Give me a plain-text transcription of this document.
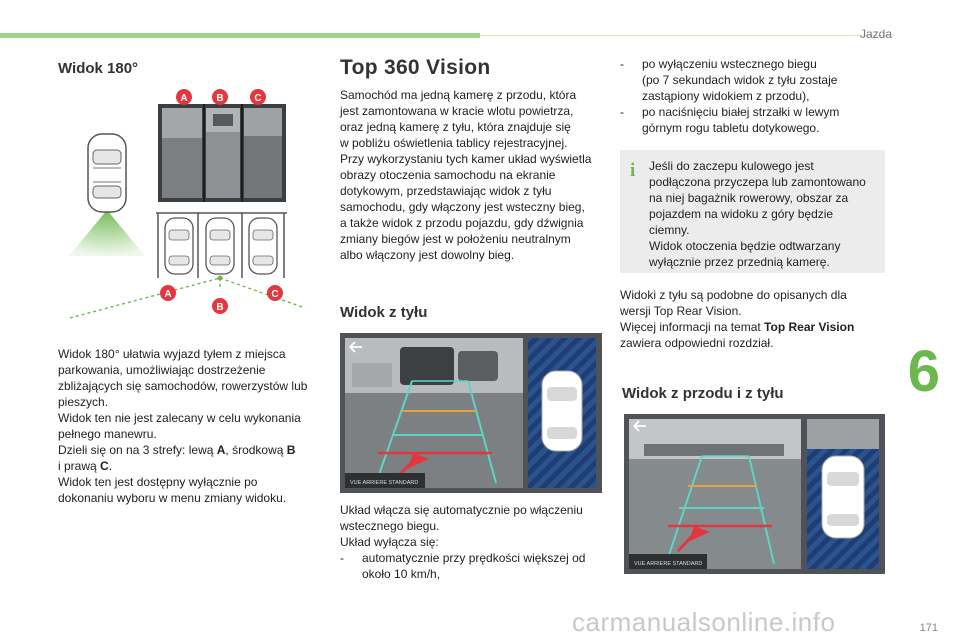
Jazda
6
Widok 180°
A	B	C
A
B
C

Widok 180° ułatwia wyjazd tyłem z miejsca

parkowania, umożliwiając dostrzeżenie

zbliżających się samochodów, rowerzystów lub

pieszych.

Widok ten nie jest zalecany w celu wykonania

pełnego manewru.

Dzieli się on na 3 strefy: lewą A, środkową B

i prawą C.

Widok ten jest dostępny wyłącznie po

dokonaniu wyboru w menu zmiany widoku.

Top 360 Vision

Samochód ma jedną kamerę z przodu, która

jest zamontowana w kracie wlotu powietrza,

oraz jedną kamerę z tyłu, która znajduje się

w pobliżu oświetlenia tablicy rejestracyjnej.

Przy wykorzystaniu tych kamer układ wyświetla

obrazy otoczenia samochodu na ekranie

dotykowym, przedstawiając widok z tyłu

samochodu, gdy włączony jest wsteczny bieg,

a także widok z przodu pojazdu, gdy dźwignia

zmiany biegów jest w położeniu neutralnym

albo włączony jest dowolny bieg.

Widok z tyłu
VUE ARRIERE STANDARD

Układ włącza się automatycznie po włączeniu

wstecznego biegu.

Układ wyłącza się:

- automatycznie przy prędkości większej od
około 10 km/h,
- po wyłączeniu wstecznego biegu
(po 7 sekundach widok z tyłu zostaje
zastąpiony widokiem z przodu),
- po naciśnięciu białej strzałki w lewym
górnym rogu tabletu dotykowego.
i Jeśli do zaczepu kulowego jest

podłączona przyczepa lub zamontowano

na niej bagażnik rowerowy, obszar za

pojazdem na widoku z góry będzie

ciemny.

Widok otoczenia będzie odtwarzany

wyłącznie przez przednią kamerę.

Widoki z tyłu są podobne do opisanych dla

wersji Top Rear Vision.

Więcej informacji na temat Top Rear Vision

zawiera odpowiedni rozdział.

Widok z przodu i z tyłu
VUE ARRIERE STANDARD
carmanualsonline.info	171
